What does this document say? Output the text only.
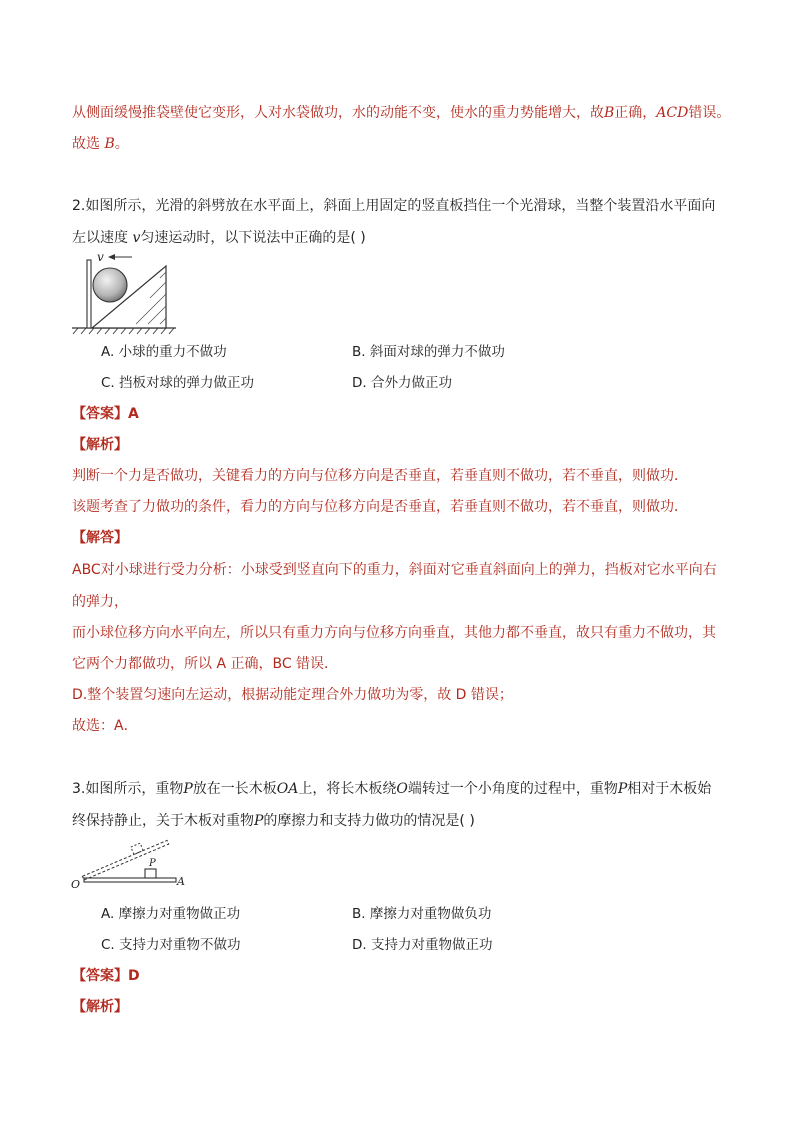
从侧面缓慢推袋壁使它变形，人对水袋做功，水的动能不变，使水的重力势能增大，故B正确，ACD错误。
故选 B。
2.如图所示，光滑的斜劈放在水平面上，斜面上用固定的竖直板挡住一个光滑球，当整个装置沿水平面向
左以速度 v匀速运动时，以下说法中正确的是( )
v
A. 小球的重力不做功	B. 斜面对球的弹力不做功
C. 挡板对球的弹力做正功	D. 合外力做正功
【答案】A
【解析】
判断一个力是否做功，关键看力的方向与位移方向是否垂直，若垂直则不做功，若不垂直，则做功．
该题考查了力做功的条件，看力的方向与位移方向是否垂直，若垂直则不做功，若不垂直，则做功．
【解答】
ABC对小球进行受力分析：小球受到竖直向下的重力，斜面对它垂直斜面向上的弹力，挡板对它水平向右
的弹力，
而小球位移方向水平向左，所以只有重力方向与位移方向垂直，其他力都不垂直，故只有重力不做功，其
它两个力都做功，所以 A 正确，BC 错误．
D.整个装置匀速向左运动，根据动能定理合外力做功为零，故 D 错误；
故选：A．
3.如图所示，重物P放在一长木板OA上，将长木板绕O端转过一个小角度的过程中，重物P相对于木板始
终保持静止，关于木板对重物P的摩擦力和支持力做功的情况是( )
O	A
P
A. 摩擦力对重物做正功	B. 摩擦力对重物做负功
C. 支持力对重物不做功	D. 支持力对重物做正功
【答案】D
【解析】
